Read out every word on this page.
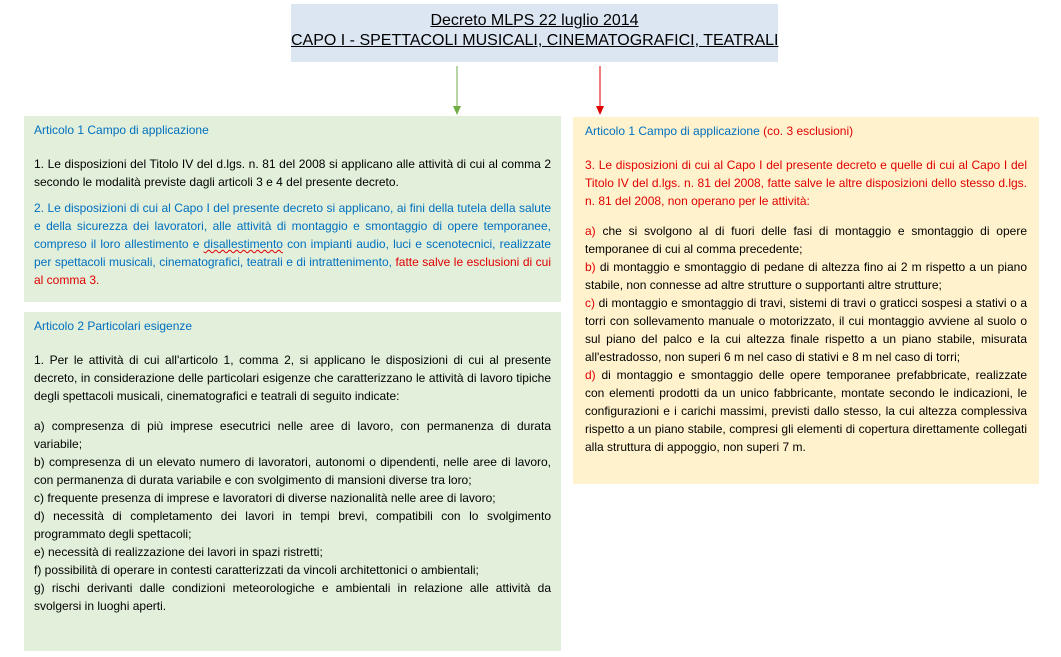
Decreto MLPS 22 luglio 2014
CAPO I - SPETTACOLI MUSICALI, CINEMATOGRAFICI, TEATRALI
Articolo 1 Campo di applicazione

1. Le disposizioni del Titolo IV del d.lgs. n. 81 del 2008 si applicano alle attività di cui al comma 2 secondo le modalità previste dagli articoli 3 e 4 del presente decreto.

2. Le disposizioni di cui al Capo I del presente decreto si applicano, ai fini della tutela della salute e della sicurezza dei lavoratori, alle attività di montaggio e smontaggio di opere temporanee, compreso il loro allestimento e disallestimento con impianti audio, luci e scenotecnici, realizzate per spettacoli musicali, cinematografici, teatrali e di intrattenimento, fatte salve le esclusioni di cui al comma 3.

Articolo 2 Particolari esigenze

1. Per le attività di cui all'articolo 1, comma 2, si applicano le disposizioni di cui al presente decreto, in considerazione delle particolari esigenze che caratterizzano le attività di lavoro tipiche degli spettacoli musicali, cinematografici e teatrali di seguito indicate:

a) compresenza di più imprese esecutrici nelle aree di lavoro, con permanenza di durata variabile;

b) compresenza di un elevato numero di lavoratori, autonomi o dipendenti, nelle aree di lavoro, con permanenza di durata variabile e con svolgimento di mansioni diverse tra loro;

c) frequente presenza di imprese e lavoratori di diverse nazionalità nelle aree di lavoro;

d) necessità di completamento dei lavori in tempi brevi, compatibili con lo svolgimento programmato degli spettacoli;

e) necessità di realizzazione dei lavori in spazi ristretti;

f) possibilità di operare in contesti caratterizzati da vincoli architettonici o ambientali;

g) rischi derivanti dalle condizioni meteorologiche e ambientali in relazione alle attività da svolgersi in luoghi aperti.

Articolo 1 Campo di applicazione (co. 3 esclusioni)

3. Le disposizioni di cui al Capo I del presente decreto e quelle di cui al Capo I del Titolo IV del d.lgs. n. 81 del 2008, fatte salve le altre disposizioni dello stesso d.lgs. n. 81 del 2008, non operano per le attività:

a) che si svolgono al di fuori delle fasi di montaggio e smontaggio di opere temporanee di cui al comma precedente;

b) di montaggio e smontaggio di pedane di altezza fino ai 2 m rispetto a un piano stabile, non connesse ad altre strutture o supportanti altre strutture;

c) di montaggio e smontaggio di travi, sistemi di travi o graticci sospesi a stativi o a torri con sollevamento manuale o motorizzato, il cui montaggio avviene al suolo o sul piano del palco e la cui altezza finale rispetto a un piano stabile, misurata all'estradosso, non superi 6 m nel caso di stativi e 8 m nel caso di torri;

d) di montaggio e smontaggio delle opere temporanee prefabbricate, realizzate con elementi prodotti da un unico fabbricante, montate secondo le indicazioni, le configurazioni e i carichi massimi, previsti dallo stesso, la cui altezza complessiva rispetto a un piano stabile, compresi gli elementi di copertura direttamente collegati alla struttura di appoggio, non superi 7 m.
